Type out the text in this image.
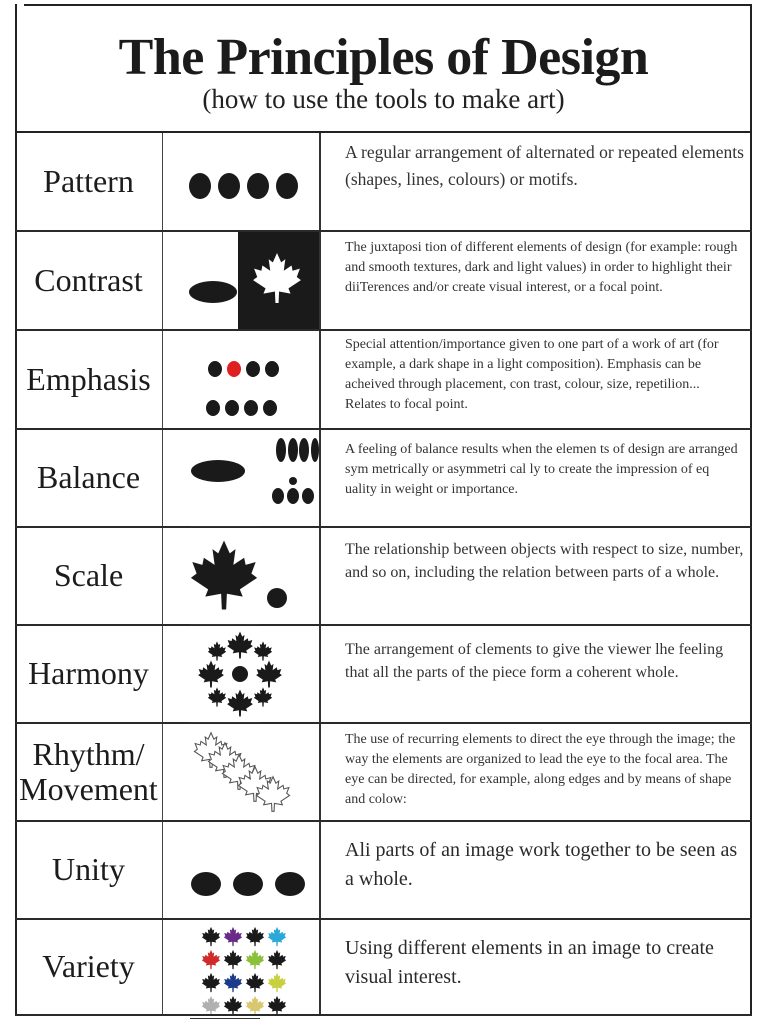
The Principles of Design
(how to use the tools to make art)
Pattern
A regular arrangement of alternated or repeated elements (shapes, lines, colours) or motifs.
Contrast
The juxtaposi tion of different elements of design (for example: rough and smooth textures, dark and light values) in order to highlight their diiTerences and/or create visual interest, or a focal point.
Emphasis
Special attention/importance given to one part of a work of art (for example, a dark shape in a light composition). Emphasis can be acheived through placement, con trast, colour, size, repetilion... Relates to focal point.
Balance
A feeling of balance results when the elemen ts of design are arranged sym metrically or asymmetri cal ly to create the impression of eq uality in weight or importance.
Scale
The relationship between objects with respect to size, number, and so on, including the relation between parts of a whole.
Harmony
The arrangement of clements to give the viewer lhe feeling that all the parts of the piece form a coherent whole.
Rhythm/ Movement
The use of recurring elements to direct the eye through the image; the way the elements are organized to lead the eye to the focal area. The eye can be directed, for example, along edges and by means of shape and colow:
Unity
Ali parts of an image work together to be seen as a whole.
Variety
Using different elements in an image to create visual interest.
